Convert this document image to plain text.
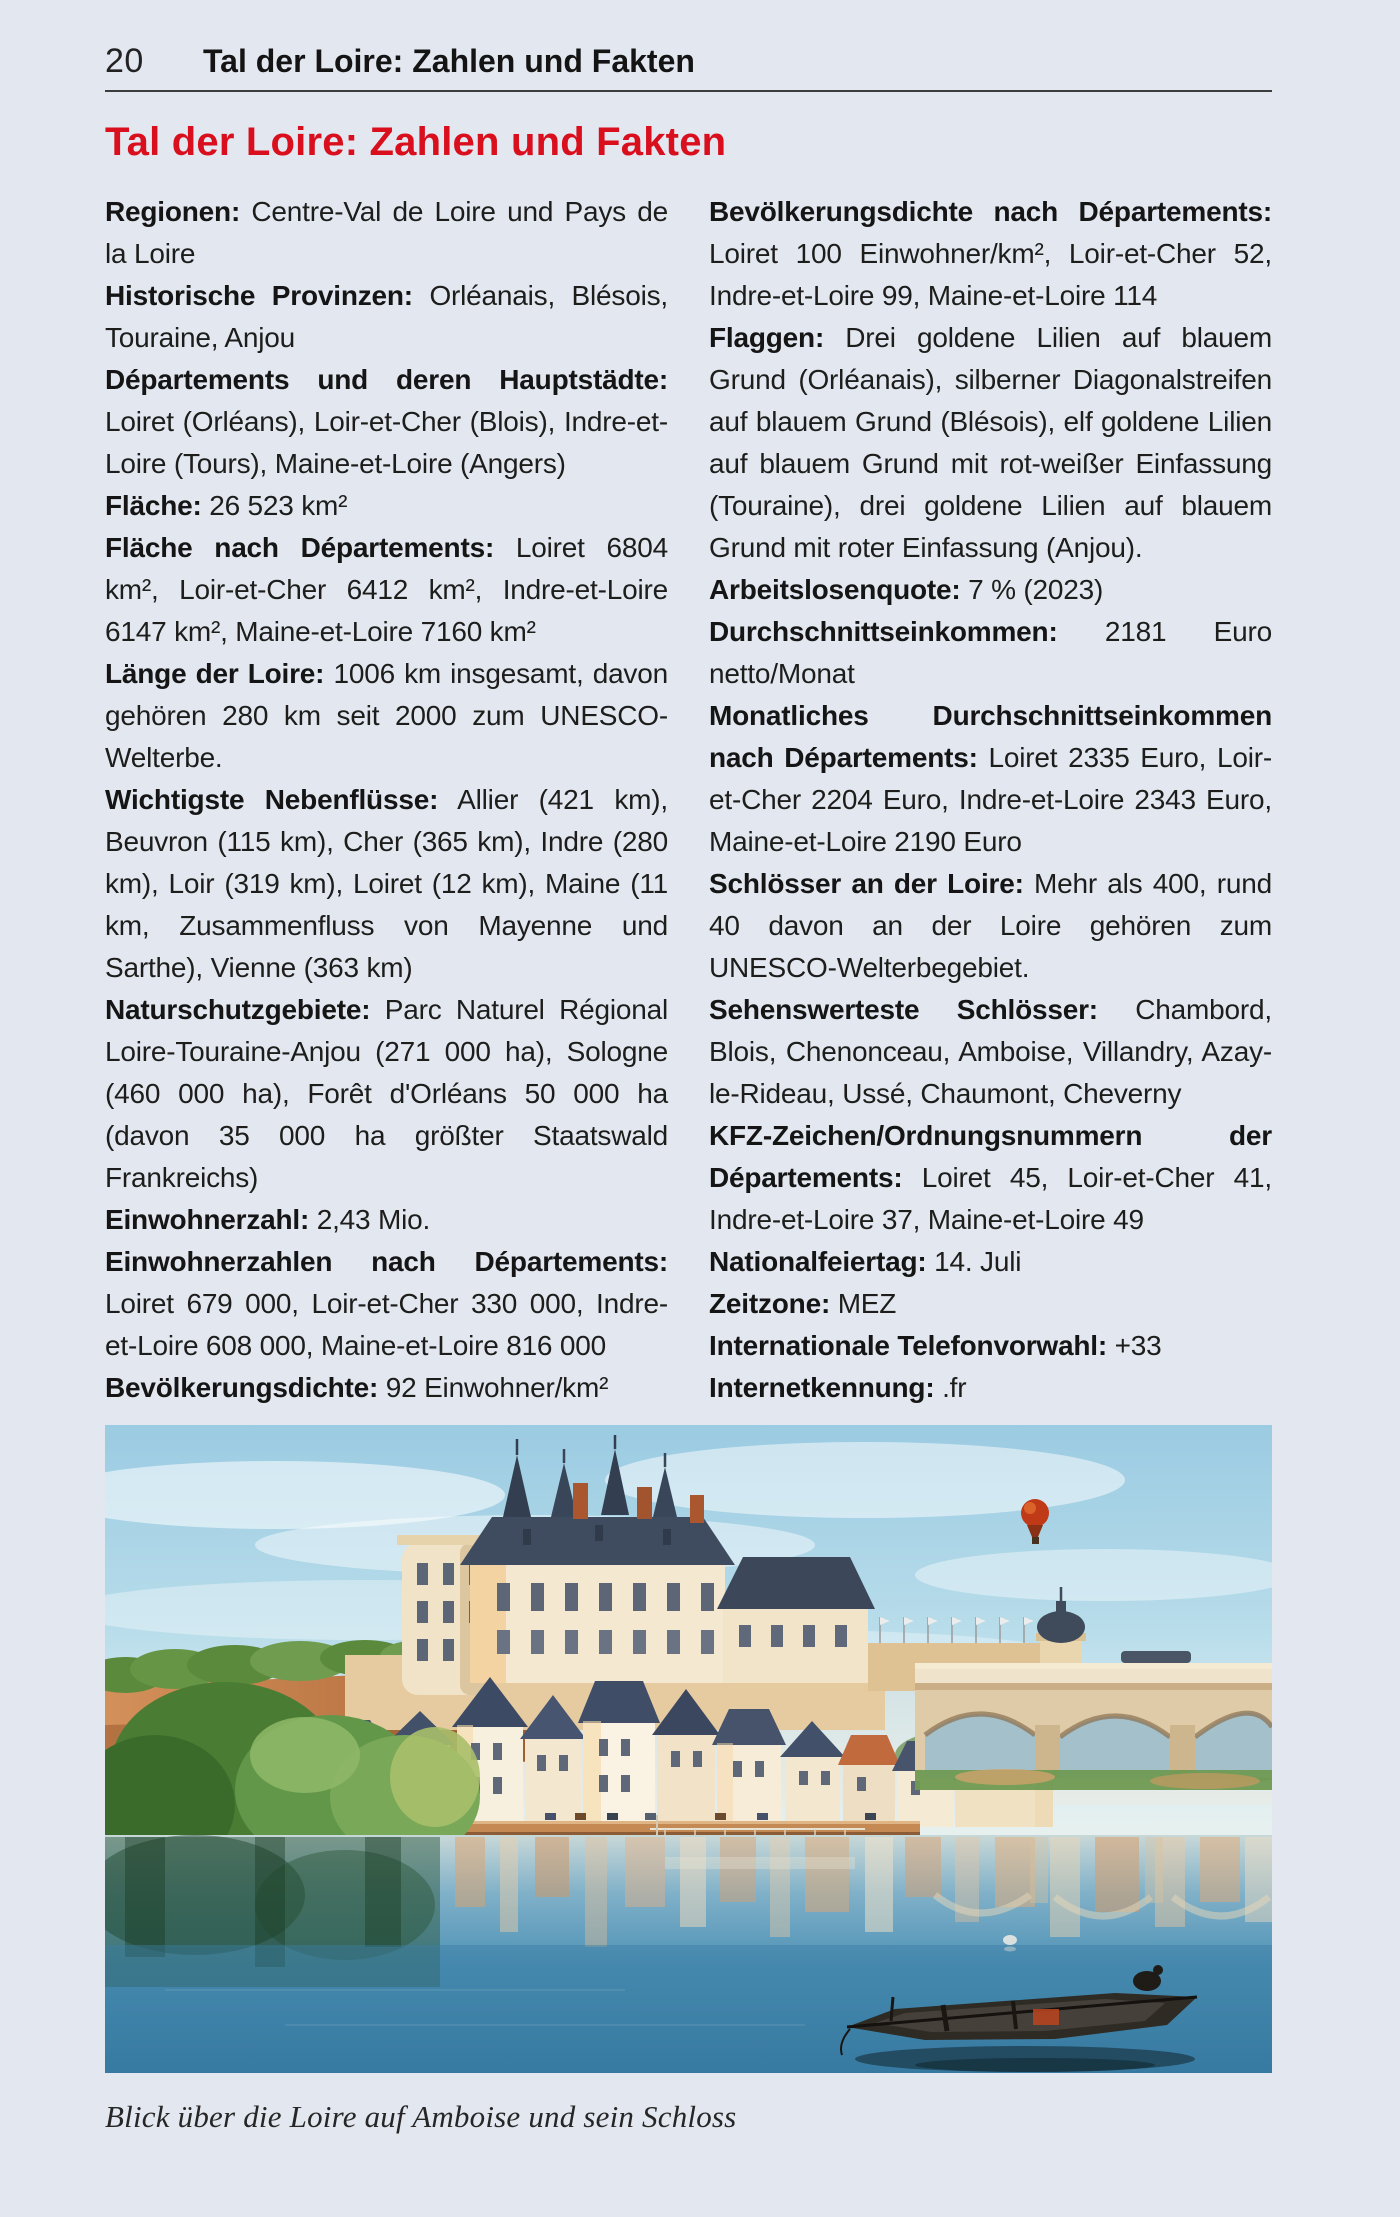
20	Tal der Loire: Zahlen und Fakten
Tal der Loire: Zahlen und Fakten

Regionen: Centre-Val de Loire und Pays de la Loire

Historische Provinzen: Orléanais, Blésois, Touraine, Anjou

Départements und deren Hauptstädte: Loiret (Orléans), Loir-et-Cher (Blois), Indre-et-Loire (Tours), Maine-et-Loire (Angers)

Fläche: 26 523 km²

Fläche nach Départements: Loiret 6804 km², Loir-et-Cher 6412 km², Indre-et-Loire 6147 km², Maine-et-Loire 7160 km²

Länge der Loire: 1006 km insgesamt, davon gehören 280 km seit 2000 zum UNESCO-Welterbe.

Wichtigste Nebenflüsse: Allier (421 km), Beuvron (115 km), Cher (365 km), Indre (280 km), Loir (319 km), Loiret (12 km), Maine (11 km, Zusammenfluss von Mayenne und Sarthe), Vienne (363 km)

Naturschutzgebiete: Parc Naturel Régional Loire-Touraine-Anjou (271 000 ha), Sologne (460 000 ha), Forêt d'Orléans 50 000 ha (davon 35 000 ha größter Staatswald Frankreichs)

Einwohnerzahl: 2,43 Mio.

Einwohnerzahlen nach Départements: Loiret 679 000, Loir-et-Cher 330 000, Indre-et-Loire 608 000, Maine-et-Loire 816 000

Bevölkerungsdichte: 92 Einwohner/km²

Bevölkerungsdichte nach Départements: Loiret 100 Einwohner/km², Loir-et-Cher 52, Indre-et-Loire 99, Maine-et-Loire 114

Flaggen: Drei goldene Lilien auf blauem Grund (Orléanais), silberner Diagonalstreifen auf blauem Grund (Blésois), elf goldene Lilien auf blauem Grund mit rot-weißer Einfassung (Touraine), drei goldene Lilien auf blauem Grund mit roter Einfassung (Anjou).

Arbeitslosenquote: 7 % (2023)

Durchschnittseinkommen: 2181 Euro netto/Monat

Monatliches Durchschnittseinkommen nach Départements: Loiret 2335 Euro, Loir-et-Cher 2204 Euro, Indre-et-Loire 2343 Euro, Maine-et-Loire 2190 Euro

Schlösser an der Loire: Mehr als 400, rund 40 davon an der Loire gehören zum UNESCO-Welterbegebiet.

Sehenswerteste Schlösser: Chambord, Blois, Chenonceau, Amboise, Villandry, Azay-le-Rideau, Ussé, Chaumont, Cheverny

KFZ-Zeichen/Ordnungsnummern der Départements: Loiret 45, Loir-et-Cher 41, Indre-et-Loire 37, Maine-et-Loire 49

Nationalfeiertag: 14. Juli

Zeitzone: MEZ

Internationale Telefonvorwahl: +33

Internetkennung: .fr

Blick über die Loire auf Amboise und sein Schloss
